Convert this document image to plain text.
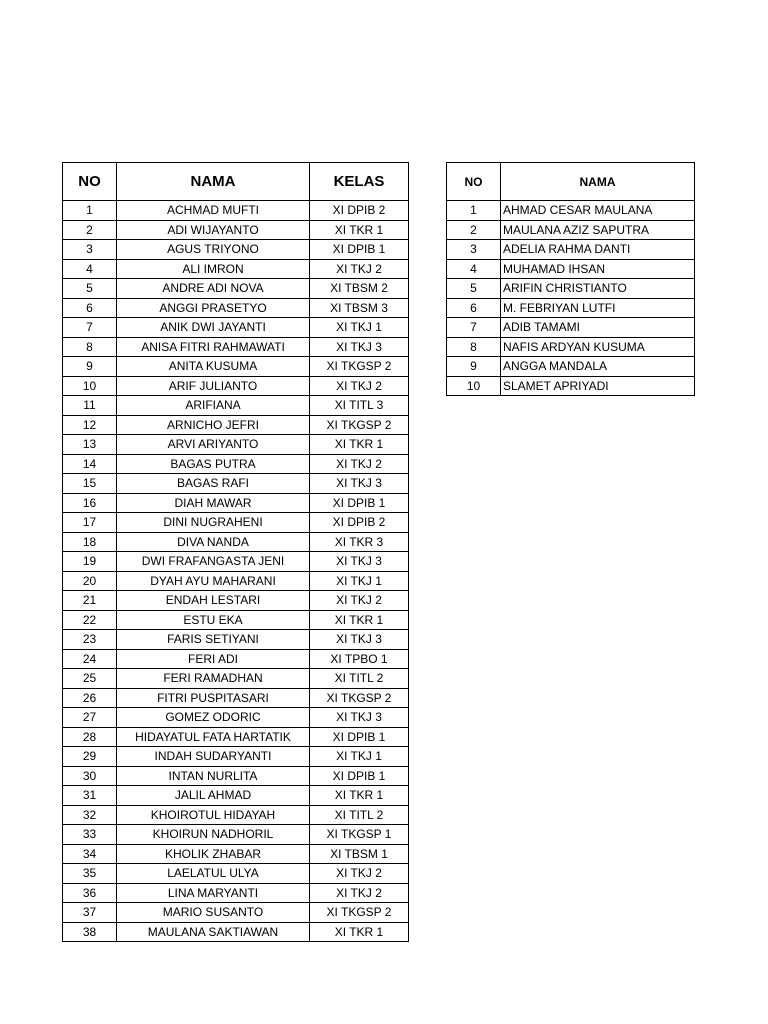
NO	NAMA	KELAS
1	ACHMAD MUFTI	XI DPIB 2
2	ADI WIJAYANTO	XI TKR 1
3	AGUS TRIYONO	XI DPIB 1
4	ALI IMRON	XI TKJ 2
5	ANDRE ADI NOVA	XI TBSM 2
6	ANGGI PRASETYO	XI TBSM 3
7	ANIK DWI JAYANTI	XI TKJ 1
8	ANISA FITRI RAHMAWATI	XI TKJ 3
9	ANITA KUSUMA	XI TKGSP 2
10	ARIF JULIANTO	XI TKJ 2
11	ARIFIANA	XI TITL 3
12	ARNICHO JEFRI	XI TKGSP 2
13	ARVI ARIYANTO	XI TKR 1
14	BAGAS PUTRA	XI TKJ 2
15	BAGAS RAFI	XI TKJ 3
16	DIAH MAWAR	XI DPIB 1
17	DINI NUGRAHENI	XI DPIB 2
18	DIVA NANDA	XI TKR 3
19	DWI FRAFANGASTA JENI	XI TKJ 3
20	DYAH AYU MAHARANI	XI TKJ 1
21	ENDAH LESTARI	XI TKJ 2
22	ESTU EKA	XI TKR 1
23	FARIS SETIYANI	XI TKJ 3
24	FERI ADI	XI TPBO 1
25	FERI RAMADHAN	XI TITL 2
26	FITRI PUSPITASARI	XI TKGSP 2
27	GOMEZ ODORIC	XI TKJ 3
28	HIDAYATUL FATA HARTATIK	XI DPIB 1
29	INDAH SUDARYANTI	XI TKJ 1
30	INTAN NURLITA	XI DPIB 1
31	JALIL AHMAD	XI TKR 1
32	KHOIROTUL HIDAYAH	XI TITL 2
33	KHOIRUN NADHORIL	XI TKGSP 1
34	KHOLIK ZHABAR	XI TBSM 1
35	LAELATUL ULYA	XI TKJ 2
36	LINA MARYANTI	XI TKJ 2
37	MARIO SUSANTO	XI TKGSP 2
38	MAULANA SAKTIAWAN	XI TKR 1
NO	NAMA
1	AHMAD CESAR MAULANA
2	MAULANA AZIZ SAPUTRA
3	ADELIA RAHMA DANTI
4	MUHAMAD IHSAN
5	ARIFIN CHRISTIANTO
6	M. FEBRIYAN LUTFI
7	ADIB TAMAMI
8	NAFIS ARDYAN KUSUMA
9	ANGGA MANDALA
10	SLAMET APRIYADI
